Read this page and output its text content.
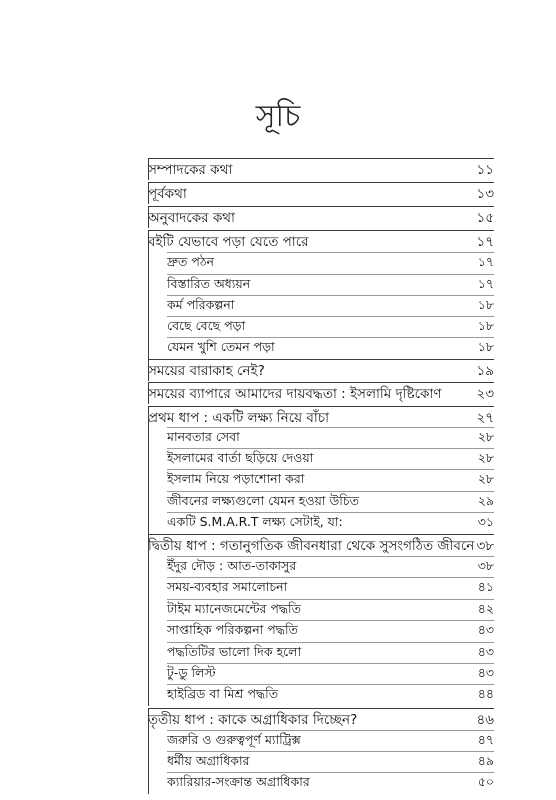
সূচি
সম্পাদকের কথা	১১
পূর্বকথা	১৩
অনুবাদকের কথা	১৫
বইটি যেভাবে পড়া যেতে পারে	১৭
দ্রুত পঠন	১৭
বিস্তারিত অধ্যয়ন	১৭
কর্ম পরিকল্পনা	১৮
বেছে বেছে পড়া	১৮
যেমন খুশি তেমন পড়া	১৮
সময়ের বারাকাহ নেই?	১৯
সময়ের ব্যাপারে আমাদের দায়বদ্ধতা : ইসলামি দৃষ্টিকোণ	২৩
প্রথম ধাপ : একটি লক্ষ্য নিয়ে বাঁচা	২৭
মানবতার সেবা	২৮
ইসলামের বার্তা ছড়িয়ে দেওয়া	২৮
ইসলাম নিয়ে পড়াশোনা করা	২৮
জীবনের লক্ষ্যগুলো যেমন হওয়া উচিত	২৯
একটি S.M.A.R.T লক্ষ্য সেটাই, যা:	৩১
দ্বিতীয় ধাপ : গতানুগতিক জীবনধারা থেকে সুসংগঠিত জীবনে ৩৮
ইঁদুর দৌড় : আত-তাকাসুর	৩৮
সময়-ব্যবহার সমালোচনা	৪১
টাইম ম্যানেজমেন্টের পদ্ধতি	৪২
সাপ্তাহিক পরিকল্পনা পদ্ধতি	৪৩
পদ্ধতিটির ভালো দিক হলো	৪৩
টু-ডু লিস্ট	৪৩
হাইব্রিড বা মিশ্র পদ্ধতি	৪৪
তৃতীয় ধাপ : কাকে অগ্রাধিকার দিচ্ছেন?	৪৬
জরুরি ও গুরুত্বপূর্ণ ম্যাট্রিক্স	৪৭
ধর্মীয় অগ্রাধিকার	৪৯
ক্যারিয়ার-সংক্রান্ত অগ্রাধিকার	৫০
